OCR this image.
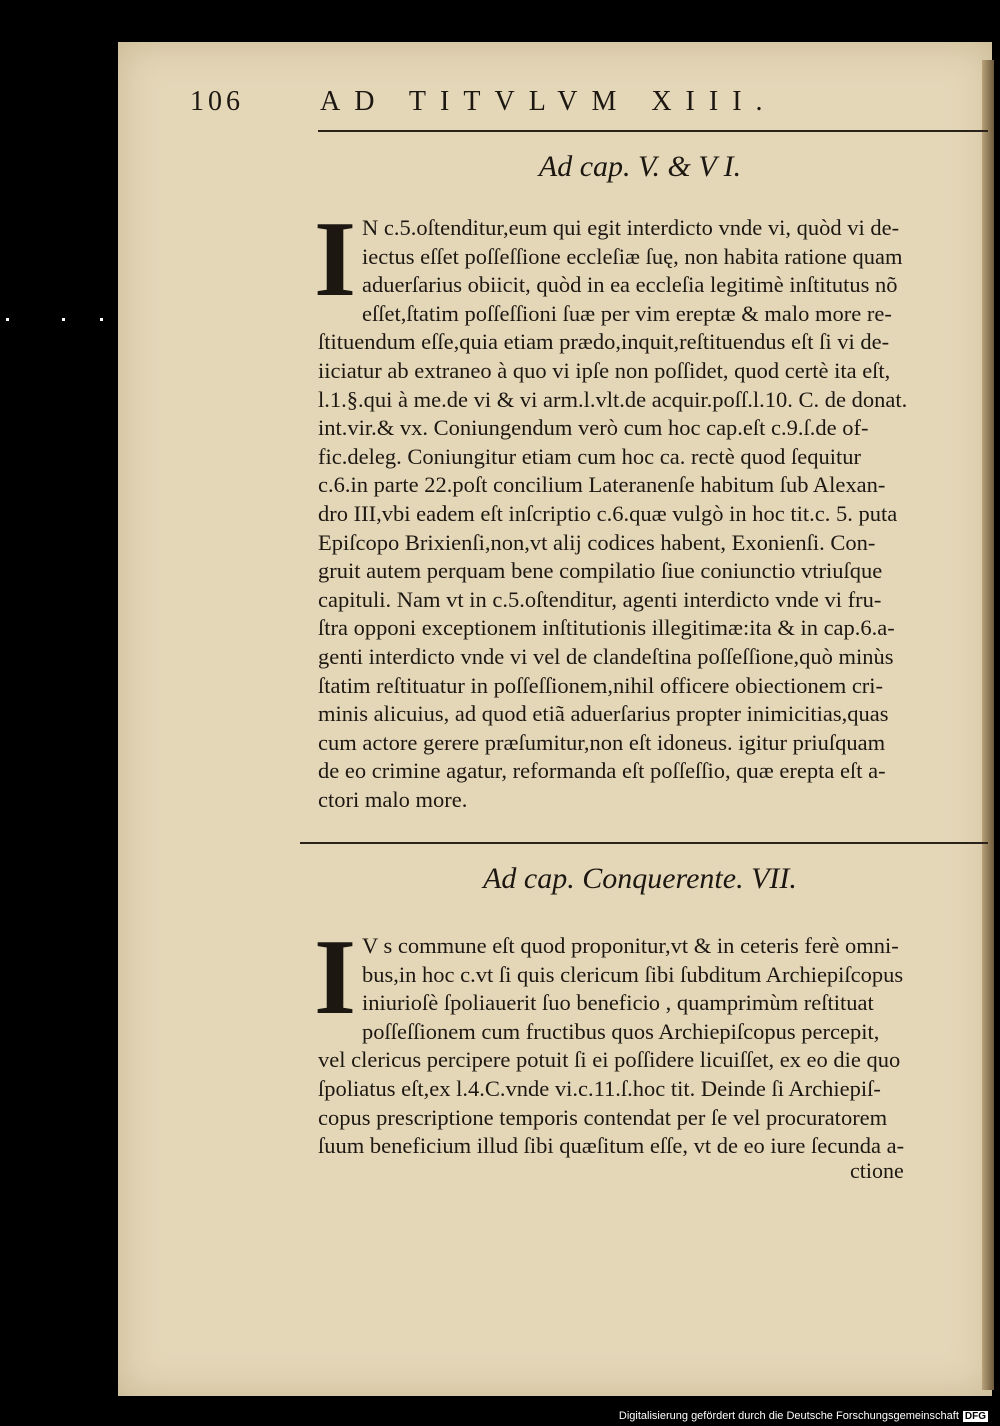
106	AD TITVLVM XIII.
Ad cap. V. & V I.
I N c.5.oſtenditur,eum qui egit interdicto vnde vi, quòd vi de-
iectus eſſet poſſeſſione eccleſiæ ſuę, non habita ratione quam
aduerſarius obiicit, quòd in ea eccleſia legitimè inſtitutus nõ
eſſet,ſtatim poſſeſſioni ſuæ per vim ereptæ & malo more re-
ſtituendum eſſe,quia etiam prædo,inquit,reſtituendus eſt ſi vi de-
iiciatur ab extraneo à quo vi ipſe non poſſidet, quod certè ita eſt,
l.1.§.qui à me.de vi & vi arm.l.vlt.de acquir.poſſ.l.10. C. de donat.
int.vir.& vx. Coniungendum verò cum hoc cap.eſt c.9.ſ.de of-
fic.deleg. Coniungitur etiam cum hoc ca. rectè quod ſequitur
c.6.in parte 22.poſt concilium Lateranenſe habitum ſub Alexan-
dro III,vbi eadem eſt inſcriptio c.6.quæ vulgò in hoc tit.c. 5. puta
Epiſcopo Brixienſi,non,vt alij codices habent, Exonienſi. Con-
gruit autem perquam bene compilatio ſiue coniunctio vtriuſque
capituli. Nam vt in c.5.oſtenditur, agenti interdicto vnde vi fru-
ſtra opponi exceptionem inſtitutionis illegitimæ:ita & in cap.6.a-
genti interdicto vnde vi vel de clandeſtina poſſeſſione,quò minùs
ſtatim reſtituatur in poſſeſſionem,nihil officere obiectionem cri-
minis alicuius, ad quod etiã aduerſarius propter inimicitias,quas
cum actore gerere præſumitur,non eſt idoneus. igitur priuſquam
de eo crimine agatur, reformanda eſt poſſeſſio, quæ erepta eſt a-
ctori malo more.
Ad cap. Conquerente. VII.
I V s commune eſt quod proponitur,vt & in ceteris ferè omni-
bus,in hoc c.vt ſi quis clericum ſibi ſubditum Archiepiſcopus
iniurioſè ſpoliauerit ſuo beneficio , quamprimùm reſtituat
poſſeſſionem cum fructibus quos Archiepiſcopus percepit,
vel clericus percipere potuit ſi ei poſſidere licuiſſet, ex eo die quo
ſpoliatus eſt,ex l.4.C.vnde vi.c.11.ſ.hoc tit. Deinde ſi Archiepiſ-
copus prescriptione temporis contendat per ſe vel procuratorem
ſuum beneficium illud ſibi quæſitum eſſe, vt de eo iure ſecunda a-
ctione
Digitalisierung gefördert durch die Deutsche Forschungsgemeinschaft DFG
